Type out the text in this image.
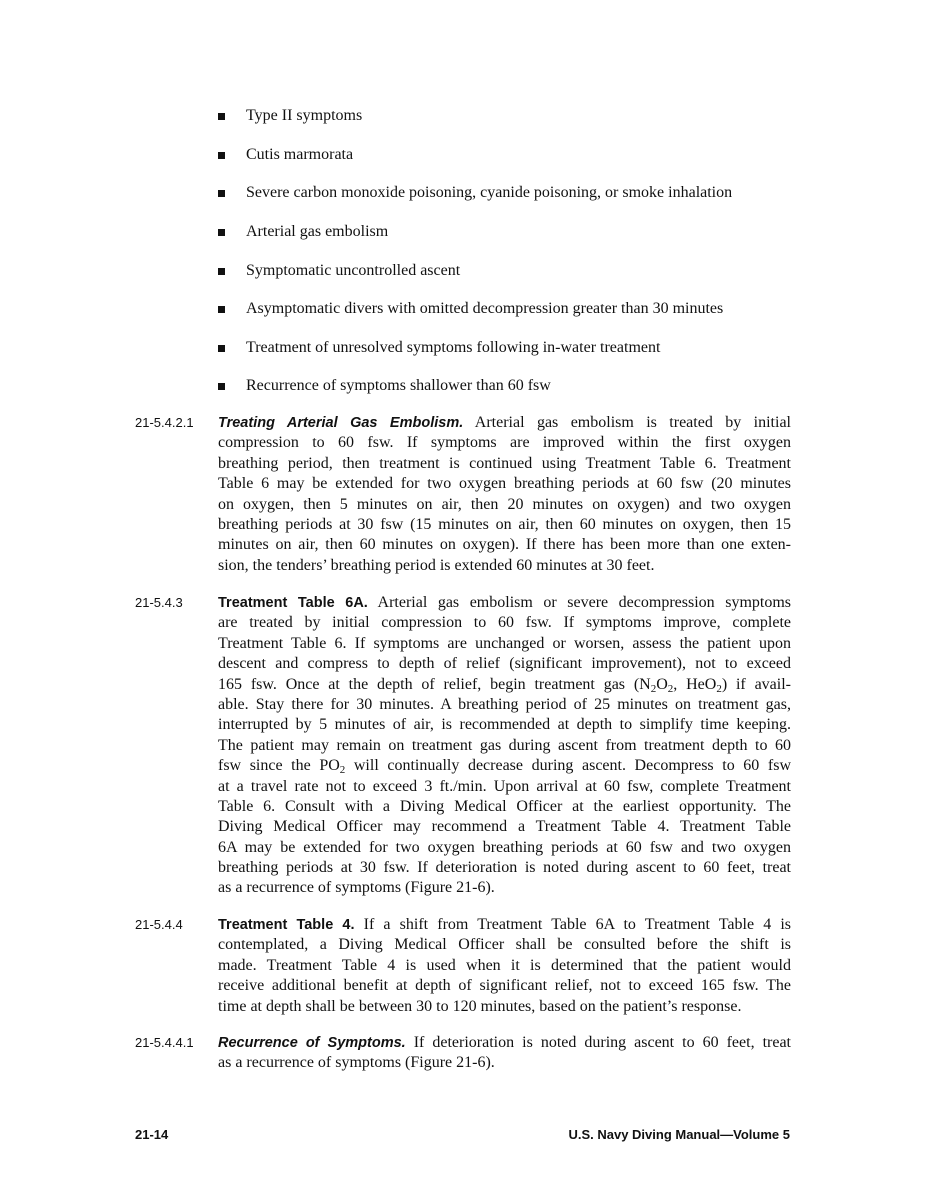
Type II symptoms
Cutis marmorata
Severe carbon monoxide poisoning, cyanide poisoning, or smoke inhalation
Arterial gas embolism
Symptomatic uncontrolled ascent
Asymptomatic divers with omitted decompression greater than 30 minutes
Treatment of unresolved symptoms following in-water treatment
Recurrence of symptoms shallower than 60 fsw
21-5.4.2.1 Treating Arterial Gas Embolism. Arterial gas embolism is treated by initial
compression to 60 fsw. If symptoms are improved within the first oxygen
breathing period, then treatment is continued using Treatment Table 6. Treatment
Table 6 may be extended for two oxygen breathing periods at 60 fsw (20 minutes
on oxygen, then 5 minutes on air, then 20 minutes on oxygen) and two oxygen
breathing periods at 30 fsw (15 minutes on air, then 60 minutes on oxygen, then 15
minutes on air, then 60 minutes on oxygen). If there has been more than one exten-
sion, the tenders’ breathing period is extended 60 minutes at 30 feet.
21-5.4.3 Treatment Table 6A. Arterial gas embolism or severe decompression symptoms
are treated by initial compression to 60 fsw. If symptoms improve, complete
Treatment Table 6. If symptoms are unchanged or worsen, assess the patient upon
descent and compress to depth of relief (significant improvement), not to exceed
165 fsw. Once at the depth of relief, begin treatment gas ($N_2O_2$, HeO$_2$) if avail-
able. Stay there for 30 minutes. A breathing period of 25 minutes on treatment gas,
interrupted by 5 minutes of air, is recommended at depth to simplify time keeping.
The patient may remain on treatment gas during ascent from treatment depth to 60
fsw since the $PO_2$ will continually decrease during ascent. Decompress to 60 fsw
at a travel rate not to exceed 3 ft./min. Upon arrival at 60 fsw, complete Treatment
Table 6. Consult with a Diving Medical Officer at the earliest opportunity. The
Diving Medical Officer may recommend a Treatment Table 4. Treatment Table
6A may be extended for two oxygen breathing periods at 60 fsw and two oxygen
breathing periods at 30 fsw. If deterioration is noted during ascent to 60 feet, treat
as a recurrence of symptoms (Figure 21-6).
21-5.4.4 Treatment Table 4. If a shift from Treatment Table 6A to Treatment Table 4 is
contemplated, a Diving Medical Officer shall be consulted before the shift is
made. Treatment Table 4 is used when it is determined that the patient would
receive additional benefit at depth of significant relief, not to exceed 165 fsw. The
time at depth shall be between 30 to 120 minutes, based on the patient’s response.
21-5.4.4.1 Recurrence of Symptoms. If deterioration is noted during ascent to 60 feet, treat
as a recurrence of symptoms (Figure 21-6).
21-14	U.S. Navy Diving Manual—Volume 5
